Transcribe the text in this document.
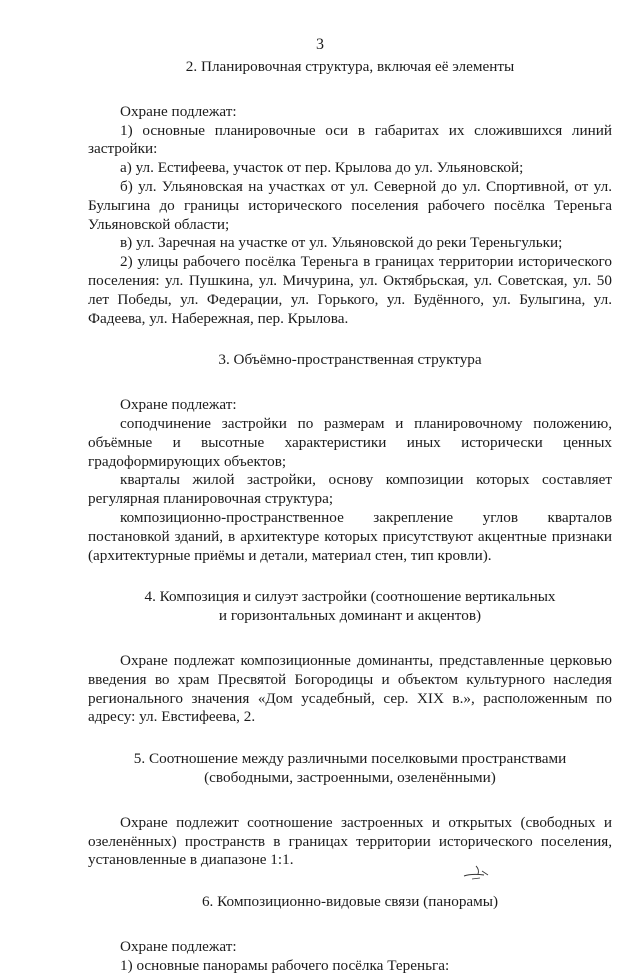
3

2. Планировочная структура, включая её элементы

Охране подлежат:

1) основные планировочные оси в габаритах их сложившихся линий застройки:

а) ул. Естифеева, участок от пер. Крылова до ул. Ульяновской;

б) ул. Ульяновская на участках от ул. Северной до ул. Спортивной, от ул. Булыгина до границы исторического поселения рабочего посёлка Тереньга Ульяновской области;

в) ул. Заречная на участке от ул. Ульяновской до реки Тереньгульки;

2) улицы рабочего посёлка Тереньга в границах территории исторического поселения: ул. Пушкина, ул. Мичурина, ул. Октябрьская, ул. Советская, ул. 50 лет Победы, ул. Федерации, ул. Горького, ул. Будённого, ул. Булыгина, ул. Фадеева, ул. Набережная, пер. Крылова.

3. Объёмно-пространственная структура

Охране подлежат:

соподчинение застройки по размерам и планировочному положению, объёмные и высотные характеристики иных исторически ценных градоформирующих объектов;

кварталы жилой застройки, основу композиции которых составляет регулярная планировочная структура;

композиционно-пространственное закрепление углов кварталов постановкой зданий, в архитектуре которых присутствуют акцентные признаки (архитектурные приёмы и детали, материал стен, тип кровли).

4. Композиция и силуэт застройки (соотношение вертикальных
и горизонтальных доминант и акцентов)

Охране подлежат композиционные доминанты, представленные церковью введения во храм Пресвятой Богородицы и объектом культурного наследия регионального значения «Дом усадебный, сер. XIX в.», расположенным по адресу: ул. Евстифеева, 2.

5. Соотношение между различными поселковыми пространствами
(свободными, застроенными, озеленёнными)

Охране подлежит соотношение застроенных и открытых (свободных и озеленённых) пространств в границах территории исторического поселения, установленные в диапазоне 1:1.

6. Композиционно-видовые связи (панорамы)

Охране подлежат:

1) основные панорамы рабочего посёлка Тереньга:
